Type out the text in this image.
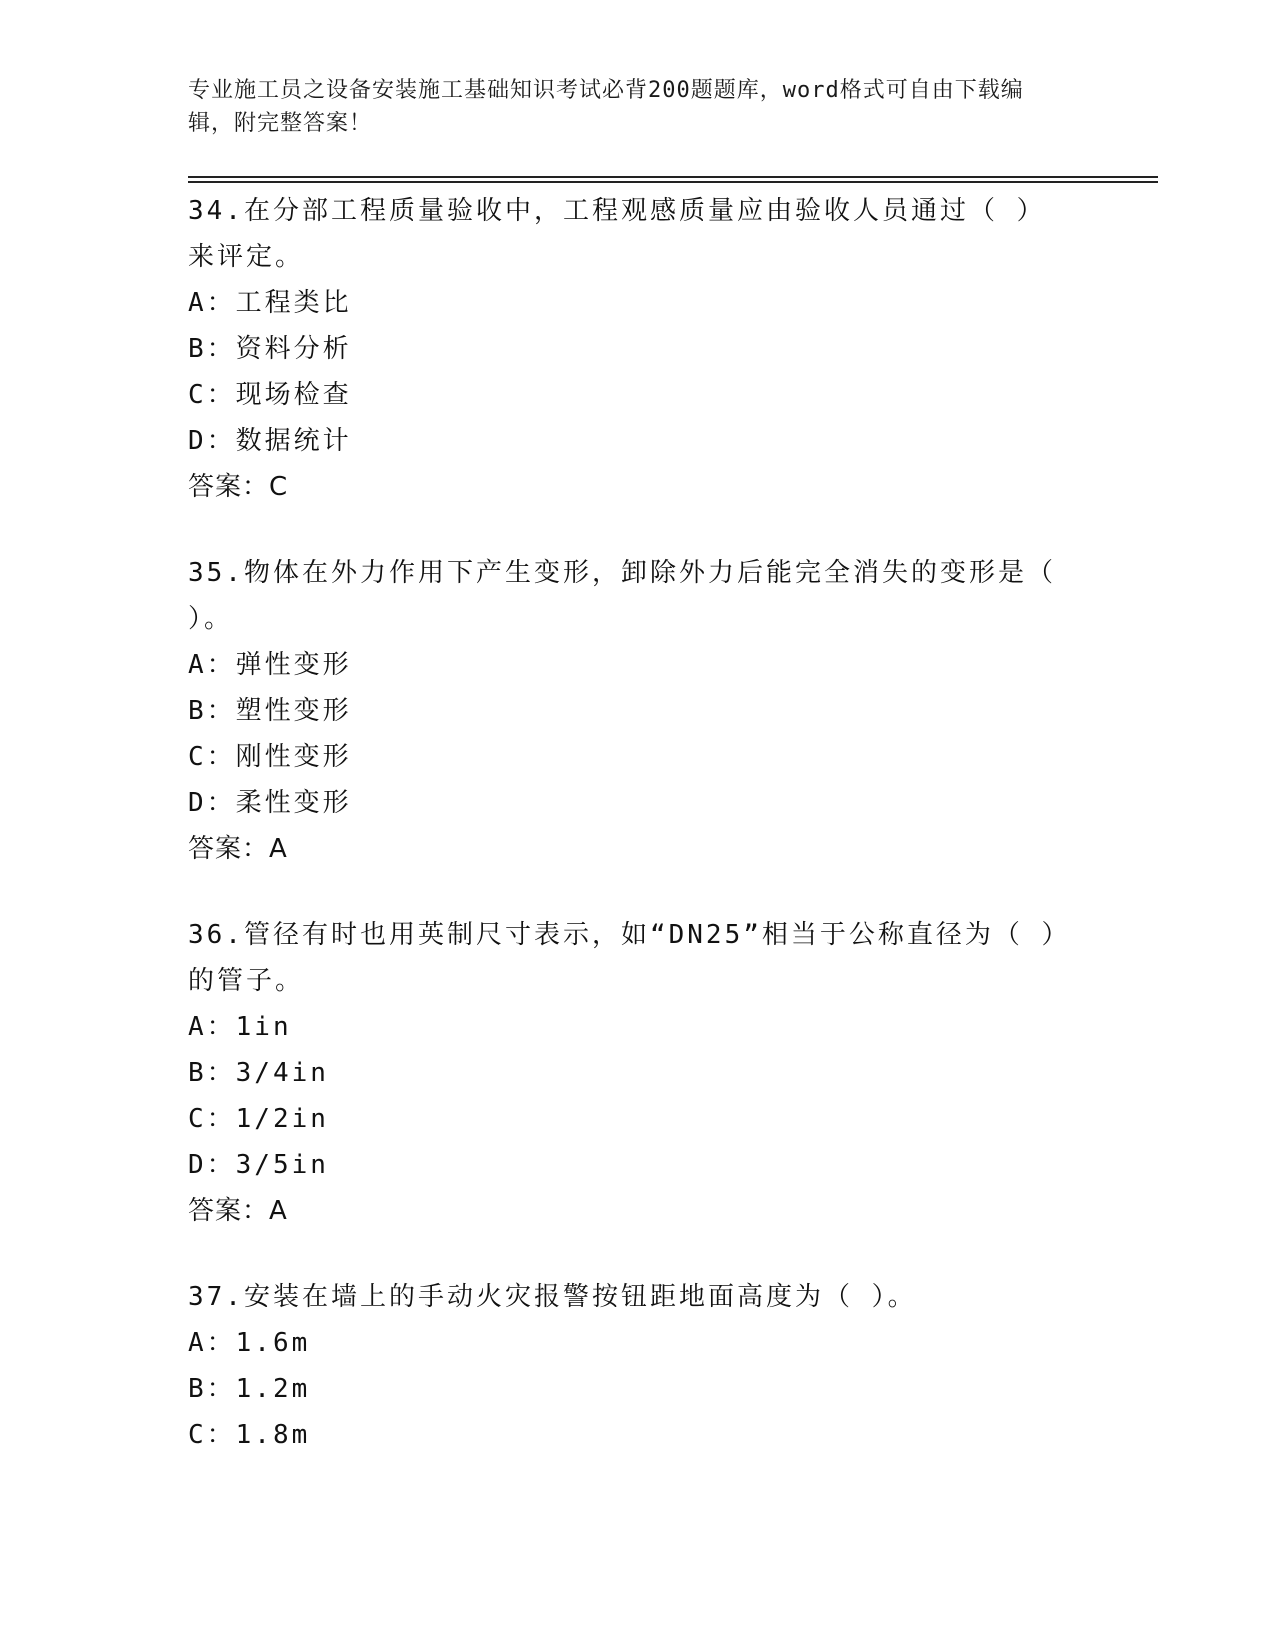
专业施工员之设备安装施工基础知识考试必背200题题库，word格式可自由下载编辑，附完整答案！

34.在分部工程质量验收中，工程观感质量应由验收人员通过（ ）来评定。

A：工程类比

B：资料分析

C：现场检查

D：数据统计

答案：C

35.物体在外力作用下产生变形，卸除外力后能完全消失的变形是（ ）。

A：弹性变形

B：塑性变形

C：刚性变形

D：柔性变形

答案：A

36.管径有时也用英制尺寸表示，如“DN25”相当于公称直径为（ ）的管子。

A：1in

B：3/4in

C：1/2in

D：3/5in

答案：A

37.安装在墙上的手动火灾报警按钮距地面高度为（ ）。

A：1.6m

B：1.2m

C：1.8m
